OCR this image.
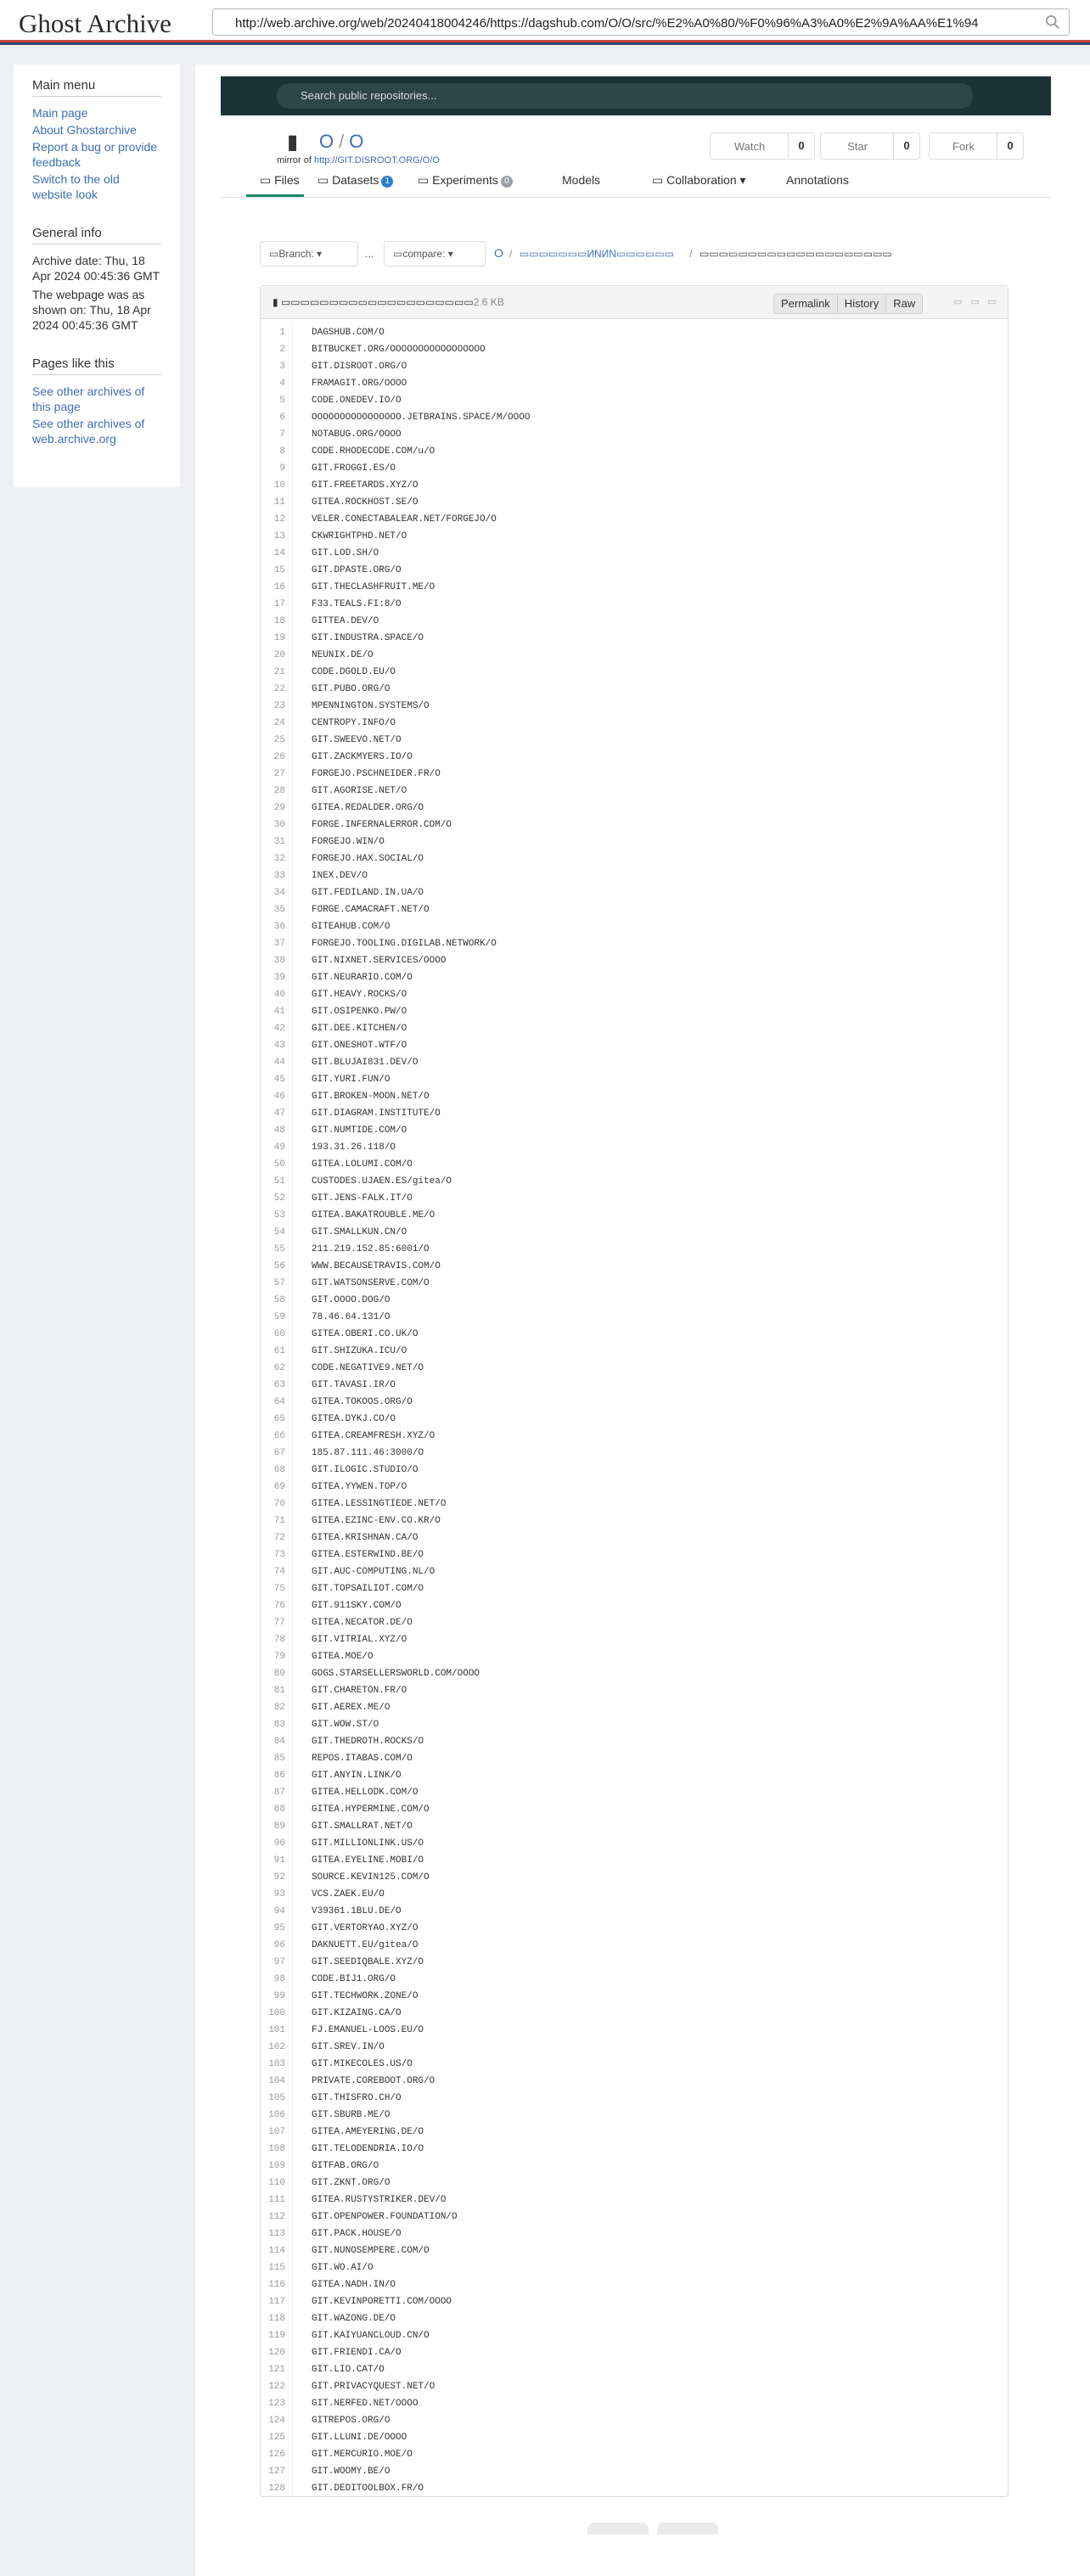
Ghost Archive	http://web.archive.org/web/20240418004246/https://dagshub.com/O/O/src/%E2%A0%80/%F0%96%A3%A0%E2%9A%AA%E1%94
Main menu
Main page
About Ghostarchive
Report a bug or provide feedback
Switch to the old website look
General info
Archive date: Thu, 18 Apr 2024 00:45:36 GMT
The webpage was as shown on: Thu, 18 Apr 2024 00:45:36 GMT
Pages like this
See other archives of this page
See other archives of web.archive.org
Search public repositories...
▮ O / O
mirror of http://GIT.DISROOT.ORG/O/O
Watch	0	Star	0	Fork	0
▭ Files	▭ Datasets 1	▭ Experiments 0	Models	▭ Collaboration ▾	Annotations
▭Branch: ▾	...	▭compare: ▾	O / ▭▭▭▭▭▭▭ИNИN▭▭▭▭▭▭ / ▭▭▭▭▭▭▭▭▭▭▭▭▭▭▭▭▭▭▭▭
▮ ▭▭▭▭▭▭▭▭▭▭▭▭▭▭▭▭▭▭▭▭2.6 KB	Permalink	History	Raw	▭ ▭ ▭
1	DAGSHUB.COM/O
2	BITBUCKET.ORG/OOOOOOOOOOOOOOOOO
3	GIT.DISROOT.ORG/O
4	FRAMAGIT.ORG/OOOO
5	CODE.ONEDEV.IO/O
6	OOOOOOOOOOOOOOOO.JETBRAINS.SPACE/M/OOOO
7	NOTABUG.ORG/OOOO
8	CODE.RHODECODE.COM/u/O
9	GIT.FROGGI.ES/O
10	GIT.FREETARDS.XYZ/O
11	GITEA.ROCKHOST.SE/O
12	VELER.CONECTABALEAR.NET/FORGEJO/O
13	CKWRIGHTPHD.NET/O
14	GIT.LOD.SH/O
15	GIT.DPASTE.ORG/O
16	GIT.THECLASHFRUIT.ME/O
17	F33.TEALS.FI:8/O
18	GITTEA.DEV/O
19	GIT.INDUSTRA.SPACE/O
20	NEUNIX.DE/O
21	CODE.DGOLD.EU/O
22	GIT.PUBO.ORG/O
23	MPENNINGTON.SYSTEMS/O
24	CENTROPY.INFO/O
25	GIT.SWEEVO.NET/O
26	GIT.ZACKMYERS.IO/O
27	FORGEJO.PSCHNEIDER.FR/O
28	GIT.AGORISE.NET/O
29	GITEA.REDALDER.ORG/O
30	FORGE.INFERNALERROR.COM/O
31	FORGEJO.WIN/O
32	FORGEJO.HAX.SOCIAL/O
33	INEX.DEV/O
34	GIT.FEDILAND.IN.UA/O
35	FORGE.CAMACRAFT.NET/O
36	GITEAHUB.COM/O
37	FORGEJO.TOOLING.DIGILAB.NETWORK/O
38	GIT.NIXNET.SERVICES/OOOO
39	GIT.NEURARIO.COM/O
40	GIT.HEAVY.ROCKS/O
41	GIT.OSIPENKO.PW/O
42	GIT.DEE.KITCHEN/O
43	GIT.ONESHOT.WTF/O
44	GIT.BLUJAI831.DEV/O
45	GIT.YURI.FUN/O
46	GIT.BROKEN-MOON.NET/O
47	GIT.DIAGRAM.INSTITUTE/O
48	GIT.NUMTIDE.COM/O
49	193.31.26.118/O
50	GITEA.LOLUMI.COM/O
51	CUSTODES.UJAEN.ES/gitea/O
52	GIT.JENS-FALK.IT/O
53	GITEA.BAKATROUBLE.ME/O
54	GIT.SMALLKUN.CN/O
55	211.219.152.85:6001/O
56	WWW.BECAUSETRAVIS.COM/O
57	GIT.WATSONSERVE.COM/O
58	GIT.OOOO.DOG/O
59	78.46.64.131/O
60	GITEA.OBERI.CO.UK/O
61	GIT.SHIZUKA.ICU/O
62	CODE.NEGATIVE9.NET/O
63	GIT.TAVASI.IR/O
64	GITEA.TOKOOS.ORG/O
65	GITEA.DYKJ.CO/O
66	GITEA.CREAMFRESH.XYZ/O
67	185.87.111.46:3000/O
68	GIT.ILOGIC.STUDIO/O
69	GITEA.YYWEN.TOP/O
70	GITEA.LESSINGTIEDE.NET/O
71	GITEA.EZINC-ENV.CO.KR/O
72	GITEA.KRISHNAN.CA/O
73	GITEA.ESTERWIND.BE/O
74	GIT.AUC-COMPUTING.NL/O
75	GIT.TOPSAILIOT.COM/O
76	GIT.911SKY.COM/O
77	GITEA.NECATOR.DE/O
78	GIT.VITRIAL.XYZ/O
79	GITEA.MOE/O
80	GOGS.STARSELLERSWORLD.COM/OOOO
81	GIT.CHARETON.FR/O
82	GIT.AEREX.ME/O
83	GIT.WOW.ST/O
84	GIT.THEDROTH.ROCKS/O
85	REPOS.ITABAS.COM/O
86	GIT.ANYIN.LINK/O
87	GITEA.HELLODK.COM/O
88	GITEA.HYPERMINE.COM/O
89	GIT.SMALLRAT.NET/O
90	GIT.MILLIONLINK.US/O
91	GITEA.EYELINE.MOBI/O
92	SOURCE.KEVIN125.COM/O
93	VCS.ZAEK.EU/O
94	V39361.1BLU.DE/O
95	GIT.VERTORYAO.XYZ/O
96	DAKNUETT.EU/gitea/O
97	GIT.SEEDIQBALE.XYZ/O
98	CODE.BIJ1.ORG/O
99	GIT.TECHWORK.ZONE/O
100	GIT.KIZAING.CA/O
101	FJ.EMANUEL-LOOS.EU/O
102	GIT.SREV.IN/O
103	GIT.MIKECOLES.US/O
104	PRIVATE.COREBOOT.ORG/O
105	GIT.THISFRO.CH/O
106	GIT.SBURB.ME/O
107	GITEA.AMEYERING.DE/O
108	GIT.TELODENDRIA.IO/O
109	GITFAB.ORG/O
110	GIT.ZKNT.ORG/O
111	GITEA.RUSTYSTRIKER.DEV/O
112	GIT.OPENPOWER.FOUNDATION/O
113	GIT.PACK.HOUSE/O
114	GIT.NUNOSEMPERE.COM/O
115	GIT.WO.AI/O
116	GITEA.NADH.IN/O
117	GIT.KEVINPORETTI.COM/OOOO
118	GIT.WAZONG.DE/O
119	GIT.KAIYUANCLOUD.CN/O
120	GIT.FRIENDI.CA/O
121	GIT.LIO.CAT/O
122	GIT.PRIVACYQUEST.NET/O
123	GIT.NERFED.NET/OOOO
124	GITREPOS.ORG/O
125	GIT.LLUNI.DE/OOOO
126	GIT.MERCURIO.MOE/O
127	GIT.WOOMY.BE/O
128	GIT.DEDITOOLBOX.FR/O
